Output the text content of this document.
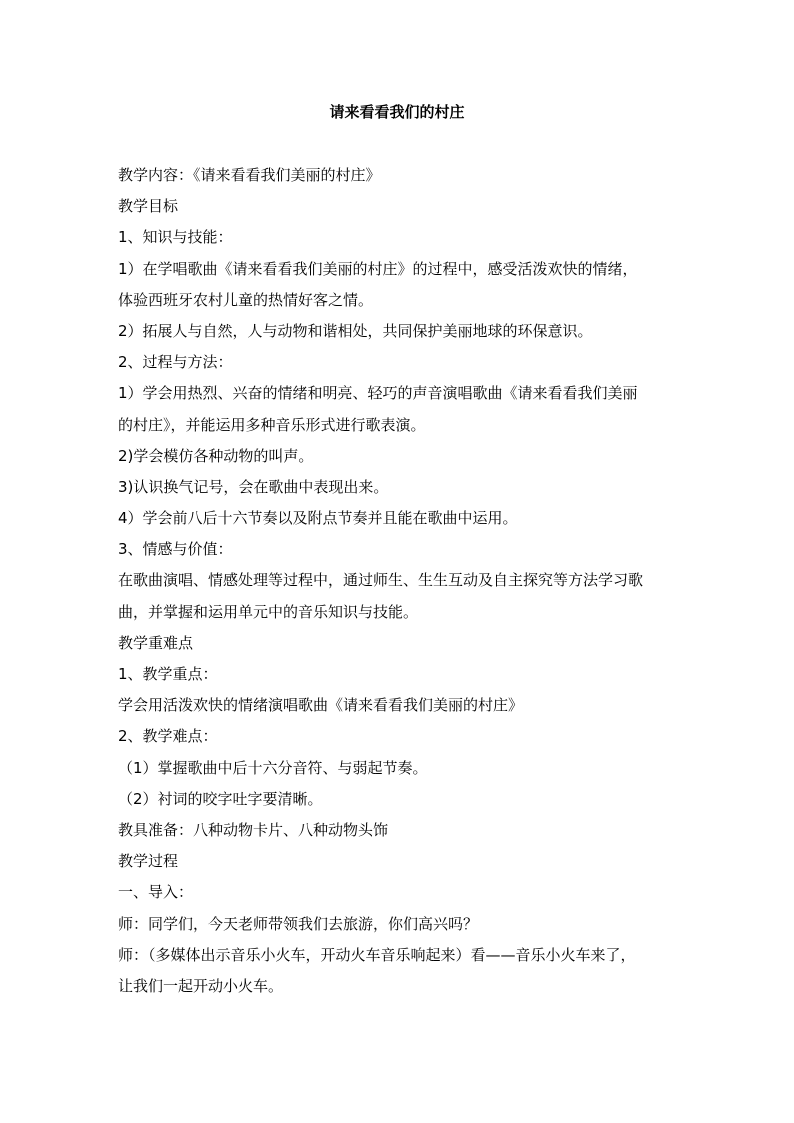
请来看看我们的村庄
教学内容：《请来看看我们美丽的村庄》
教学目标
1、知识与技能：
1）在学唱歌曲《请来看看我们美丽的村庄》的过程中，感受活泼欢快的情绪，
体验西班牙农村儿童的热情好客之情。
2）拓展人与自然，人与动物和谐相处，共同保护美丽地球的环保意识。
2、过程与方法：
1）学会用热烈、兴奋的情绪和明亮、轻巧的声音演唱歌曲《请来看看我们美丽
的村庄》，并能运用多种音乐形式进行歌表演。
2)学会模仿各种动物的叫声。
3)认识换气记号，会在歌曲中表现出来。
4）学会前八后十六节奏以及附点节奏并且能在歌曲中运用。
3、情感与价值：
在歌曲演唱、情感处理等过程中，通过师生、生生互动及自主探究等方法学习歌
曲，并掌握和运用单元中的音乐知识与技能。
教学重难点
1、教学重点：
学会用活泼欢快的情绪演唱歌曲《请来看看我们美丽的村庄》
2、教学难点：
（1）掌握歌曲中后十六分音符、与弱起节奏。
（2）衬词的咬字吐字要清晰。
教具准备：八种动物卡片、八种动物头饰
教学过程
一、导入：
师：同学们，今天老师带领我们去旅游，你们高兴吗？
师：（多媒体出示音乐小火车，开动火车音乐响起来）看——音乐小火车来了，
让我们一起开动小火车。
